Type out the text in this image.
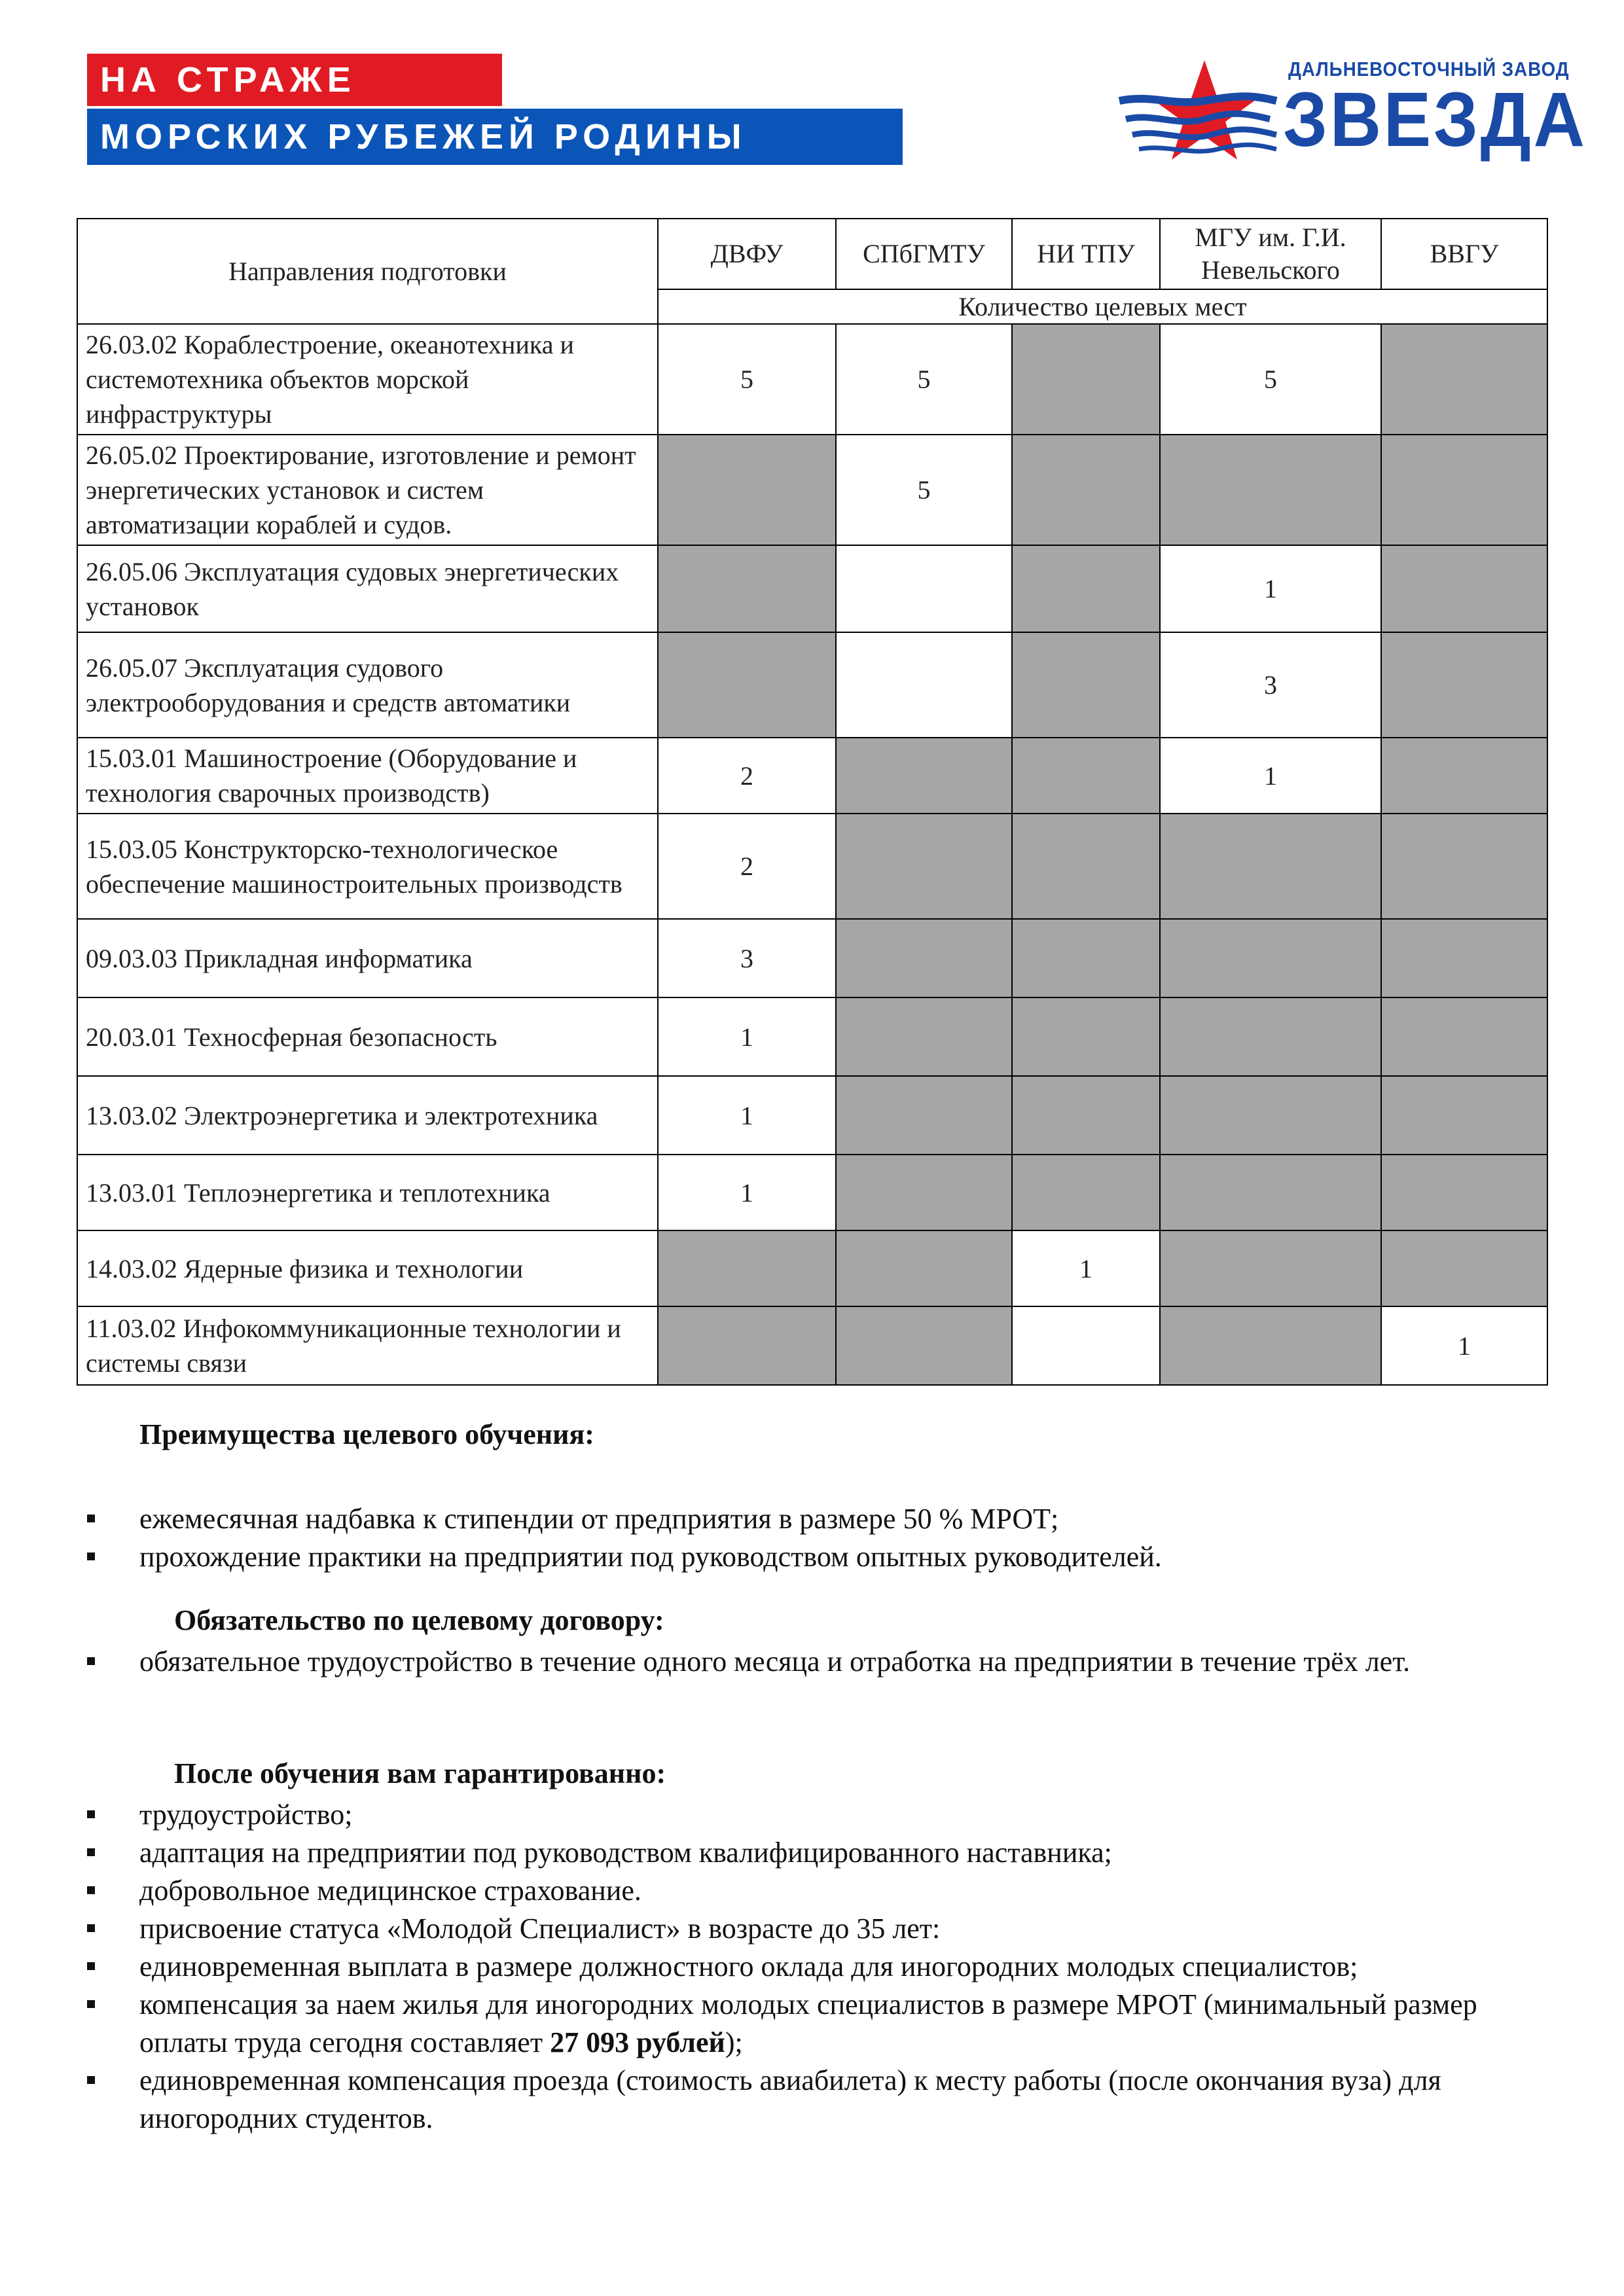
НА СТРАЖЕ
МОРСКИХ РУБЕЖЕЙ РОДИНЫ
ДАЛЬНЕВОСТОЧНЫЙ ЗАВОД
ЗВЕЗДА
Направления подготовки	ДВФУ	СПбГМТУ	НИ ТПУ	МГУ им. Г.И. Невельского	ВВГУ
	Количество целевых мест				
26.03.02 Кораблестроение, океанотехника и системотехника объектов морской инфраструктуры	5	5		5	
26.05.02 Проектирование, изготовление и ремонт энергетических установок и систем автоматизации кораблей и судов.		5			
26.05.06 Эксплуатация судовых энергетических установок				1	
26.05.07 Эксплуатация судового электрооборудования и средств автоматики				3	
15.03.01 Машиностроение (Оборудование и технология сварочных производств)	2			1	
15.03.05 Конструкторско-технологическое обеспечение машиностроительных производств	2				
09.03.03 Прикладная информатика	3				
20.03.01 Техносферная безопасность	1				
13.03.02 Электроэнергетика и электротехника	1				
13.03.01 Теплоэнергетика и теплотехника	1				
14.03.02 Ядерные физика и технологии			1		
11.03.02 Инфокоммуникационные технологии и системы связи					1
Преимущества целевого обучения:
ежемесячная надбавка к стипендии от предприятия в размере 50 % МРОТ;
прохождение практики на предприятии под руководством опытных руководителей.
Обязательство по целевому договору:
обязательное трудоустройство в течение одного месяца и отработка на предприятии в течение трёх лет.
После обучения вам гарантированно:
трудоустройство;
адаптация на предприятии под руководством квалифицированного наставника;
добровольное медицинское страхование.
присвоение статуса «Молодой Специалист» в возрасте до 35 лет:
единовременная выплата в размере должностного оклада для иногородних молодых специалистов;
компенсация за наем жилья для иногородних молодых специалистов в размере МРОТ (минимальный размер оплаты труда сегодня составляет 27 093 рублей);
единовременная компенсация проезда (стоимость авиабилета) к месту работы (после окончания вуза) для иногородних студентов.
